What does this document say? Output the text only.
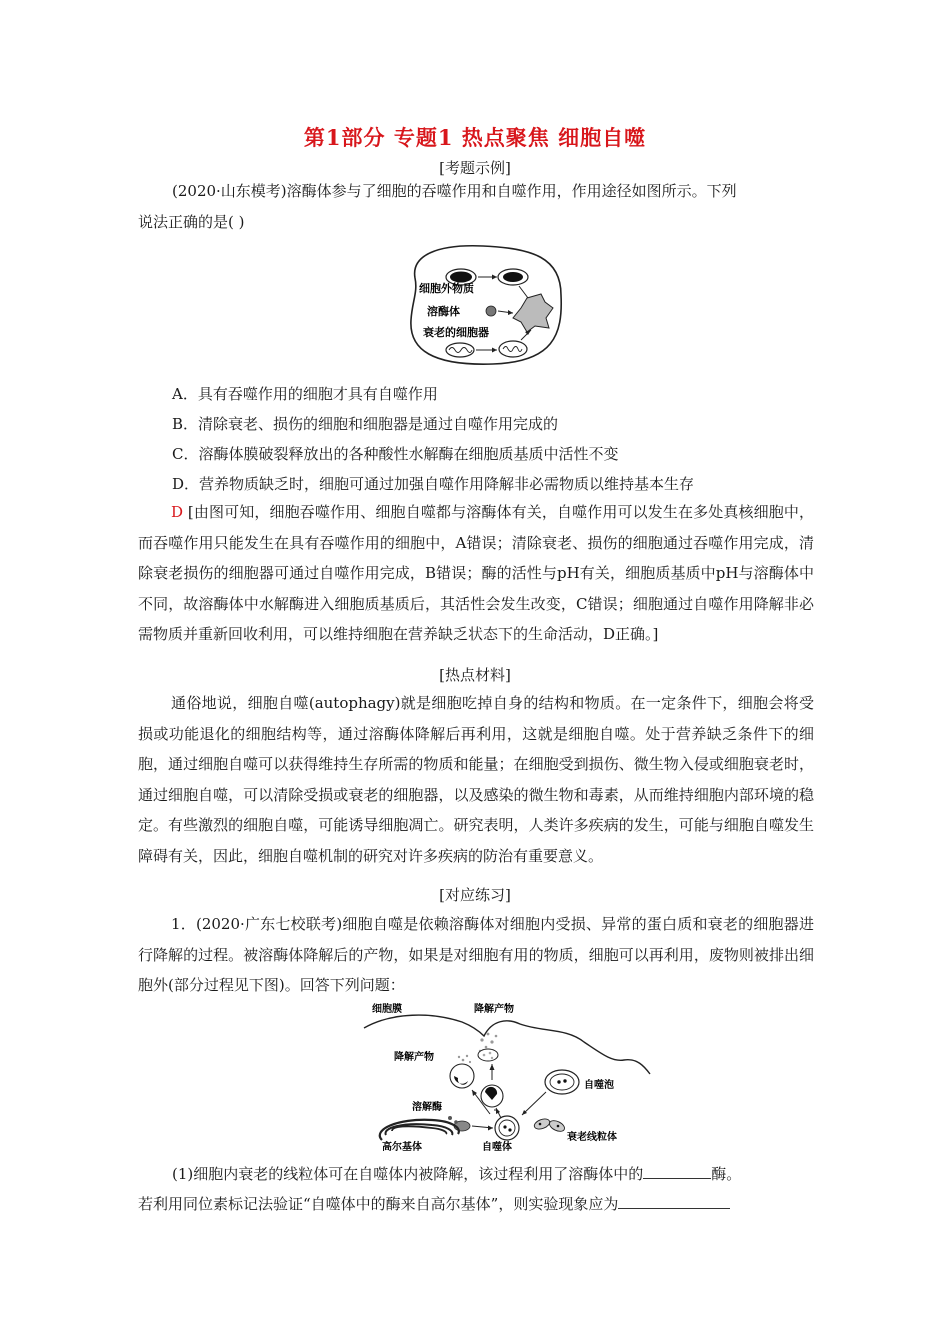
第1部分 专题1 热点聚焦 细胞自噬
[考题示例]
(2020·山东模考)溶酶体参与了细胞的吞噬作用和自噬作用，作用途径如图所示。下列
说法正确的是( )
细胞外物质
溶酶体
衰老的细胞器
A．具有吞噬作用的细胞才具有自噬作用
B．清除衰老、损伤的细胞和细胞器是通过自噬作用完成的
C．溶酶体膜破裂释放出的各种酸性水解酶在细胞质基质中活性不变
D．营养物质缺乏时，细胞可通过加强自噬作用降解非必需物质以维持基本生存
D [由图可知，细胞吞噬作用、细胞自噬都与溶酶体有关，自噬作用可以发生在多处真核细胞中，而吞噬作用只能发生在具有吞噬作用的细胞中，A错误；清除衰老、损伤的细胞通过吞噬作用完成，清除衰老损伤的细胞器可通过自噬作用完成，B错误；酶的活性与pH有关，细胞质基质中pH与溶酶体中不同，故溶酶体中水解酶进入细胞质基质后，其活性会发生改变，C错误；细胞通过自噬作用降解非必需物质并重新回收利用，可以维持细胞在营养缺乏状态下的生命活动，D正确。]
[热点材料]
通俗地说，细胞自噬(autophagy)就是细胞吃掉自身的结构和物质。在一定条件下，细胞会将受损或功能退化的细胞结构等，通过溶酶体降解后再利用，这就是细胞自噬。处于营养缺乏条件下的细胞，通过细胞自噬可以获得维持生存所需的物质和能量；在细胞受到损伤、微生物入侵或细胞衰老时，通过细胞自噬，可以清除受损或衰老的细胞器，以及感染的微生物和毒素，从而维持细胞内部环境的稳定。有些激烈的细胞自噬，可能诱导细胞凋亡。研究表明，人类许多疾病的发生，可能与细胞自噬发生障碍有关，因此，细胞自噬机制的研究对许多疾病的防治有重要意义。
[对应练习]
1．(2020·广东七校联考)细胞自噬是依赖溶酶体对细胞内受损、异常的蛋白质和衰老的细胞器进行降解的过程。被溶酶体降解后的产物，如果是对细胞有用的物质，细胞可以再利用，废物则被排出细胞外(部分过程见下图)。回答下列问题：
细胞膜	降解产物
降解产物
溶解酶
高尔基体	自噬体
自噬泡
衰老线粒体
(1)细胞内衰老的线粒体可在自噬体内被降解，该过程利用了溶酶体中的	酶。
若利用同位素标记法验证“自噬体中的酶来自高尔基体”，则实验现象应为
